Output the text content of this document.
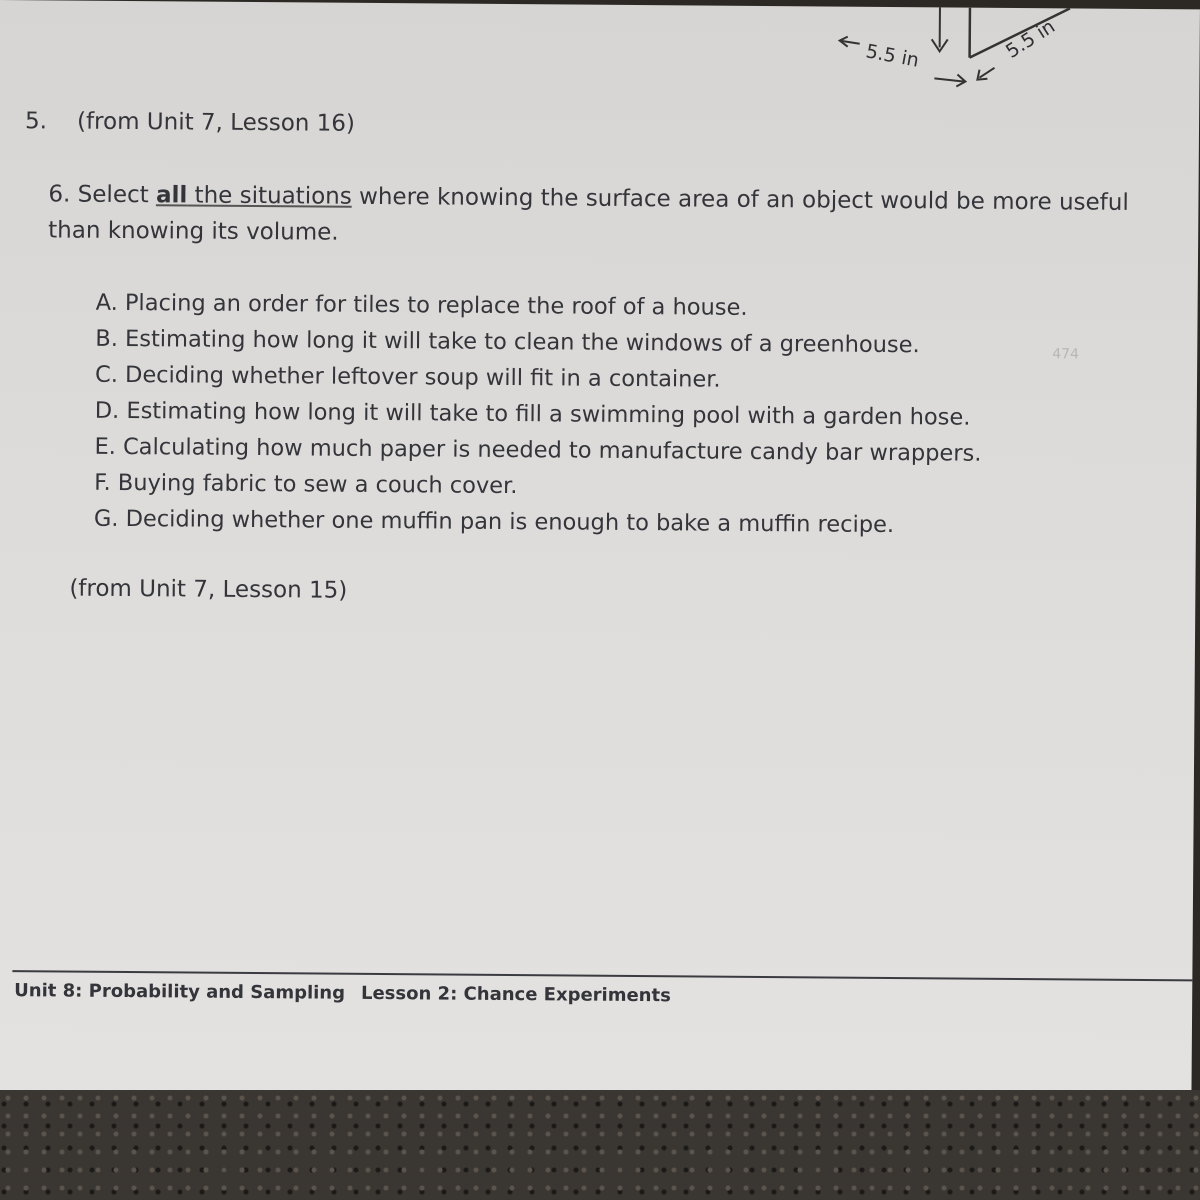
5.5 in	5.5 in
5. (from Unit 7, Lesson 16)
6. Select all the situations where knowing the surface area of an object would be more useful than knowing its volume.
A. Placing an order for tiles to replace the roof of a house.
B. Estimating how long it will take to clean the windows of a greenhouse.
C. Deciding whether leftover soup will fit in a container.
D. Estimating how long it will take to fill a swimming pool with a garden hose.
E. Calculating how much paper is needed to manufacture candy bar wrappers.
F. Buying fabric to sew a couch cover.
G. Deciding whether one muffin pan is enough to bake a muffin recipe.
474
(from Unit 7, Lesson 15)
Unit 8: Probability and Sampling Lesson 2: Chance Experiments
